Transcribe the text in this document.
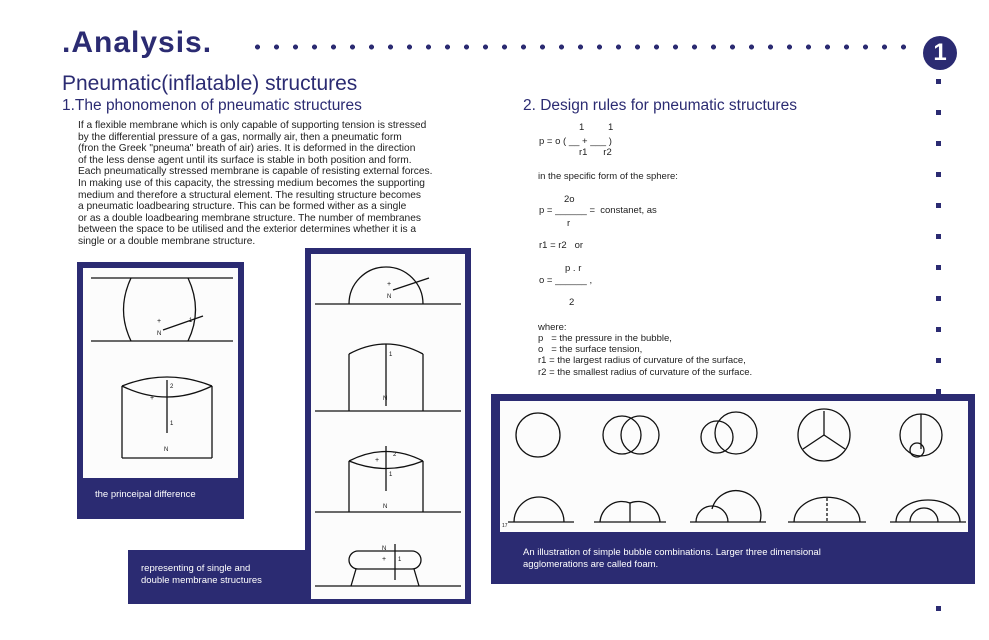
.Analysis.	1
Pneumatic(inflatable) structures
1.The phonomenon of pneumatic structures	2. Design rules for pneumatic structures
If a flexible membrane which is only capable of supporting tension is stressed
by the differential pressure of a gas, normally air, then a pneumatic form
(fron the Greek "pneuma" breath of air) aries. It is deformed in the direction
of the less dense agent until its surface is stable in both position and form.
Each pneumatically stressed membrane is capable of resisting external forces.
In making use of this capacity, the stressing medium becomes the supporting
medium and therefore a structural element. The resulting structure becomes
a pneumatic loadbearing structure. This can be formed wither as a single
or as a double loadbearing membrane structure. The number of membranes
between the space to be utilised and the exterior determines whether it is a
single or a double membrane structure.
1         1
p = o ( __ + ___ )
r1      r2
in the specific form of the sphere:
2o
p = ______ =  constanet, as
r
r1 = r2   or
p . r
o = ______ ,
2
where:
p   = the pressure in the bubble,
o   = the surface tension,
r1 = the largest radius of curvature of the surface,
r2 = the smallest radius of curvature of the surface.
+
N
1
+
2
1
N
the princeipal difference
+
N
1
N
+
2
1
N
N
+ 1
representing of single and
double membrane structures
17
An illustration of simple bubble combinations. Larger three dimensional
agglomerations are called foam.
